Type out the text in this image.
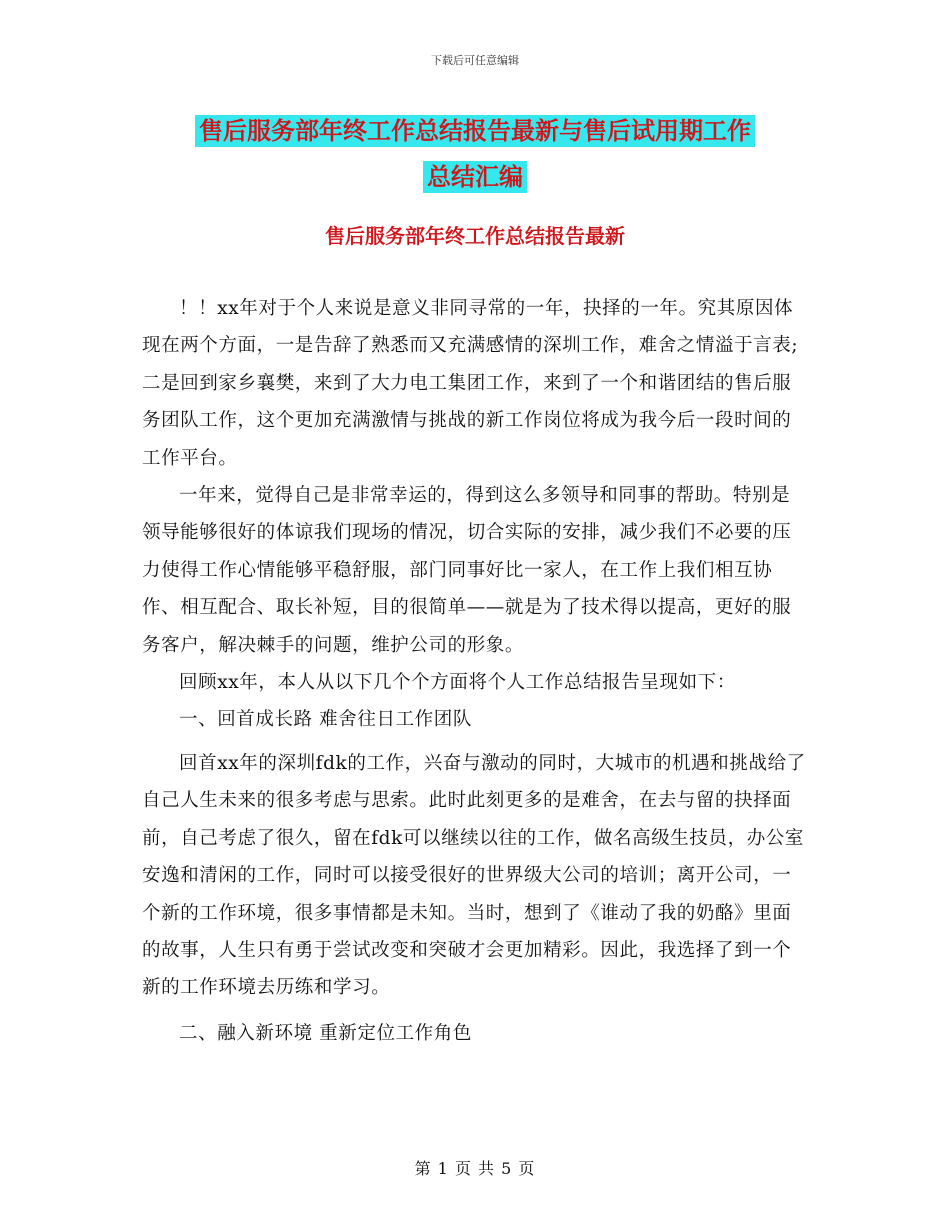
下载后可任意编辑
售后服务部年终工作总结报告最新与售后试用期工作
总结汇编
售后服务部年终工作总结报告最新

！！xx年对于个人来说是意义非同寻常的一年，抉择的一年。究其原因体现在两个方面，一是告辞了熟悉而又充满感情的深圳工作，难舍之情溢于言表;二是回到家乡襄樊，来到了大力电工集团工作，来到了一个和谐团结的售后服务团队工作，这个更加充满激情与挑战的新工作岗位将成为我今后一段时间的工作平台。

一年来，觉得自己是非常幸运的，得到这么多领导和同事的帮助。特别是领导能够很好的体谅我们现场的情况，切合实际的安排，减少我们不必要的压力使得工作心情能够平稳舒服，部门同事好比一家人，在工作上我们相互协作、相互配合、取长补短，目的很简单——就是为了技术得以提高，更好的服务客户，解决棘手的问题，维护公司的形象。

回顾xx年，本人从以下几个个方面将个人工作总结报告呈现如下：

一、回首成长路 难舍往日工作团队

回首xx年的深圳fdk的工作，兴奋与激动的同时，大城市的机遇和挑战给了自己人生未来的很多考虑与思索。此时此刻更多的是难舍，在去与留的抉择面前，自己考虑了很久，留在fdk可以继续以往的工作，做名高级生技员，办公室安逸和清闲的工作，同时可以接受很好的世界级大公司的培训；离开公司，一个新的工作环境，很多事情都是未知。当时，想到了《谁动了我的奶酪》里面的故事，人生只有勇于尝试改变和突破才会更加精彩。因此，我选择了到一个新的工作环境去历练和学习。

二、融入新环境 重新定位工作角色

第 1 页 共 5 页
